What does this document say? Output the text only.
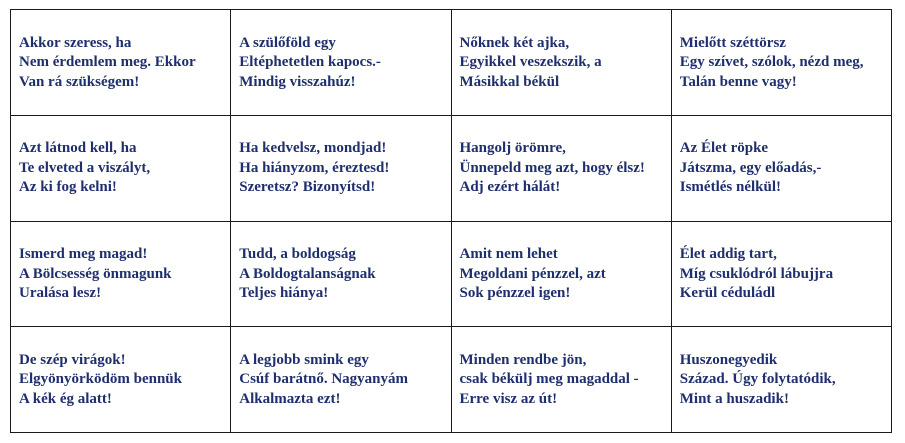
Akkor szeress, ha
Nem érdemlem meg. Ekkor
Van rá szükségem!
A szülőföld egy
Eltéphetetlen kapocs.-
Mindig visszahúz!
Nőknek két ajka,
Egyikkel veszekszik, a
Másikkal békül
Mielőtt széttörsz
Egy szívet, szólok, nézd meg,
Talán benne vagy!
Azt látnod kell, ha
Te elveted a viszályt,
Az ki fog kelni!
Ha kedvelsz, mondjad!
Ha hiányzom, éreztesd!
Szeretsz? Bizonyítsd!
Hangolj örömre,
Ünnepeld meg azt, hogy élsz!
Adj ezért hálát!
Az Élet röpke
Játszma, egy előadás,-
Ismétlés nélkül!
Ismerd meg magad!
A Bölcsesség önmagunk
Uralása lesz!
Tudd, a boldogság
A Boldogtalanságnak
Teljes hiánya!
Amit nem lehet
Megoldani pénzzel, azt
Sok pénzzel igen!
Élet addig tart,
Míg csuklódról lábujjra
Kerül céduládl
De szép virágok!
Elgyönyörködöm bennük
A kék ég alatt!
A legjobb smink egy
Csúf barátnő. Nagyanyám
Alkalmazta ezt!
Minden rendbe jön,
csak békülj meg magaddal -
Erre visz az út!
Huszonegyedik
Század. Úgy folytatódik,
Mint a huszadik!
